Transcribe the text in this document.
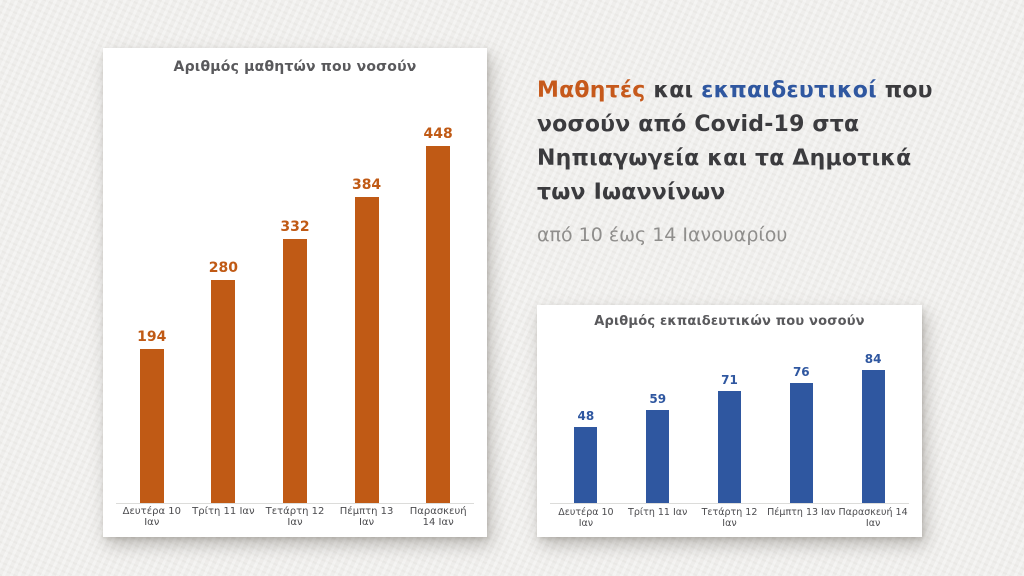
Αριθμός μαθητών που νοσούν
194
280
332
384
448
Δευτέρα 10 Ιαν
Τρίτη 11 Ιαν	Τετάρτη 12 Ιαν
Πέμπτη 13 Ιαν
Παρασκευή 14 Ιαν
Αριθμός εκπαιδευτικών που νοσούν
48
59
71
76
84
Δευτέρα 10 Ιαν
Τρίτη 11 Ιαν	Τετάρτη 12 Ιαν
Πέμπτη 13 Ιαν Παρασκευή 14 Ιαν
Μαθητές και εκπαιδευτικοί που νοσούν από Covid-19 στα Νηπιαγωγεία και τα Δημοτικά των Ιωαννίνων
από 10 έως 14 Ιανουαρίου
